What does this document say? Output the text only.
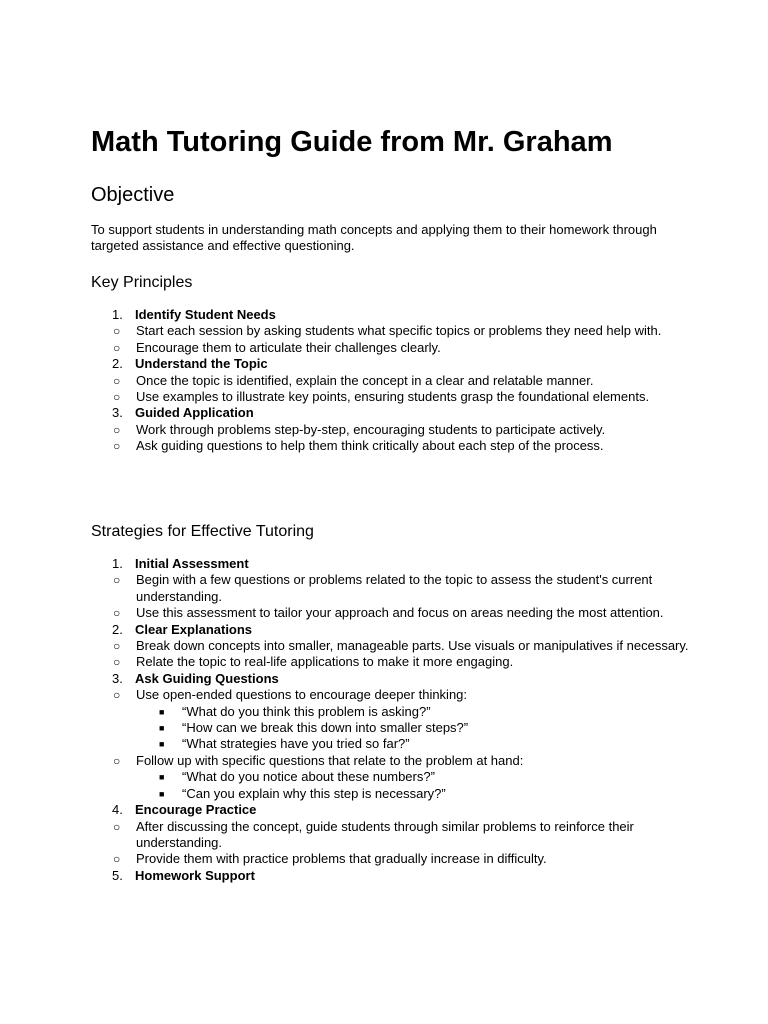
Math Tutoring Guide from Mr. Graham
Objective

To support students in understanding math concepts and applying them to their homework through targeted assistance and effective questioning.

Key Principles
1. Identify Student Needs
○ Start each session by asking students what specific topics or problems they need help with.
○ Encourage them to articulate their challenges clearly.
2. Understand the Topic
○ Once the topic is identified, explain the concept in a clear and relatable manner.
○ Use examples to illustrate key points, ensuring students grasp the foundational elements.
3. Guided Application
○ Work through problems step-by-step, encouraging students to participate actively.
○ Ask guiding questions to help them think critically about each step of the process.
Strategies for Effective Tutoring
1. Initial Assessment
○ Begin with a few questions or problems related to the topic to assess the student's current understanding.
○ Use this assessment to tailor your approach and focus on areas needing the most attention.
2. Clear Explanations
○ Break down concepts into smaller, manageable parts. Use visuals or manipulatives if necessary.
○ Relate the topic to real-life applications to make it more engaging.
3. Ask Guiding Questions
○ Use open-ended questions to encourage deeper thinking:
■ “What do you think this problem is asking?”
■ “How can we break this down into smaller steps?”
■ “What strategies have you tried so far?”
○ Follow up with specific questions that relate to the problem at hand:
■ “What do you notice about these numbers?”
■ “Can you explain why this step is necessary?”
4. Encourage Practice
○ After discussing the concept, guide students through similar problems to reinforce their understanding.
○ Provide them with practice problems that gradually increase in difficulty.
5. Homework Support
